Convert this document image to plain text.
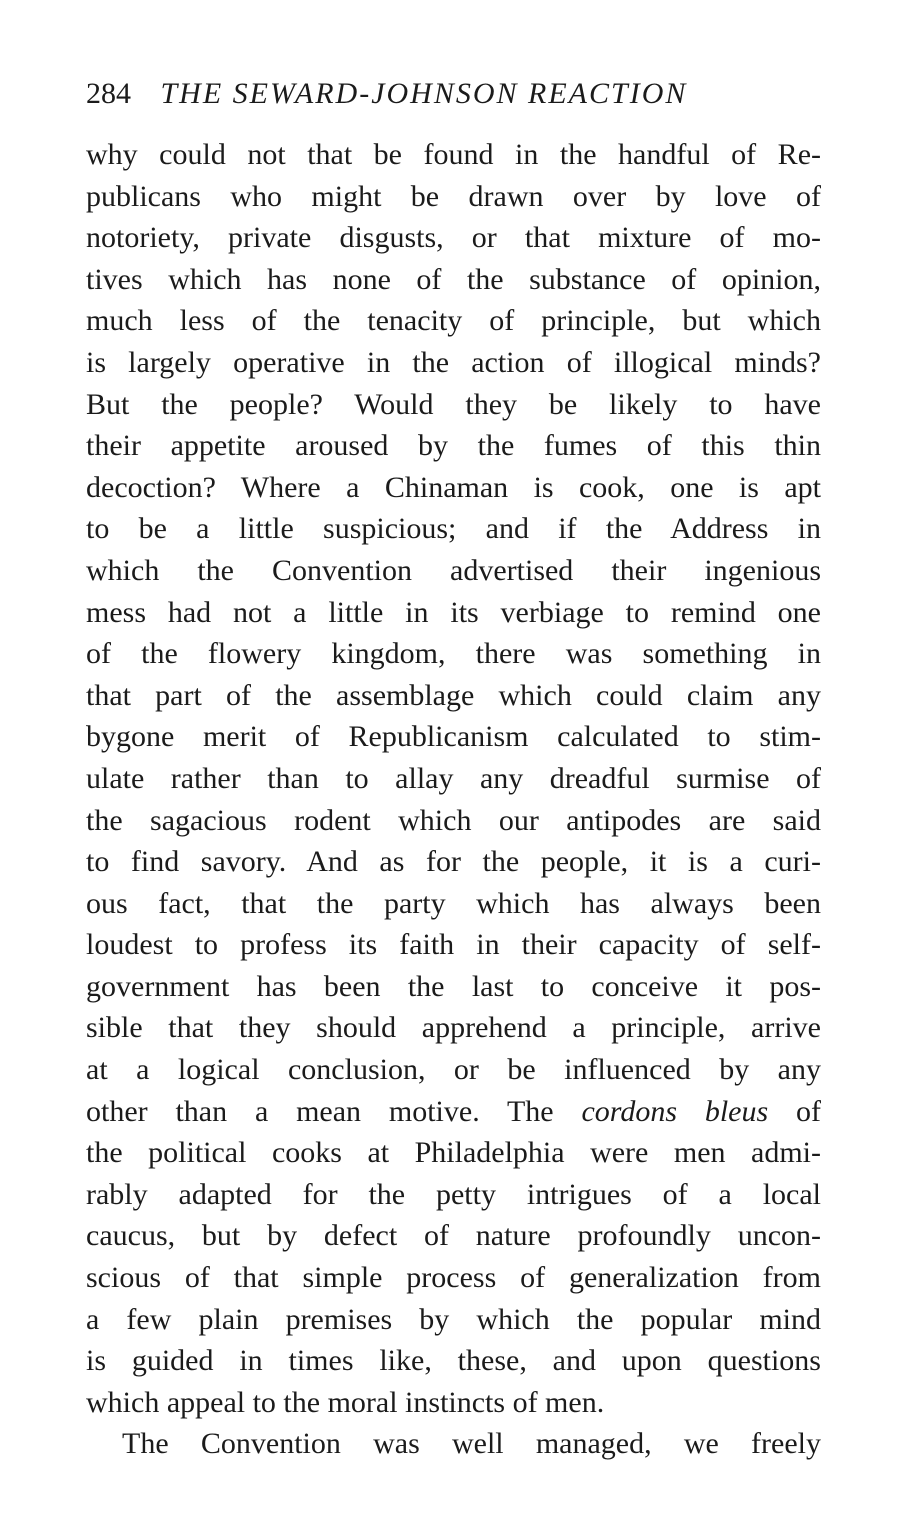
284 THE SEWARD-JOHNSON REACTION
why could not that be found in the handful of Re-
publicans who might be drawn over by love of
notoriety, private disgusts, or that mixture of mo-
tives which has none of the substance of opinion,
much less of the tenacity of principle, but which
is largely operative in the action of illogical minds?
But the people? Would they be likely to have
their appetite aroused by the fumes of this thin
decoction? Where a Chinaman is cook, one is apt
to be a little suspicious; and if the Address in
which the Convention advertised their ingenious
mess had not a little in its verbiage to remind one
of the flowery kingdom, there was something in
that part of the assemblage which could claim any
bygone merit of Republicanism calculated to stim-
ulate rather than to allay any dreadful surmise of
the sagacious rodent which our antipodes are said
to find savory. And as for the people, it is a curi-
ous fact, that the party which has always been
loudest to profess its faith in their capacity of self-
government has been the last to conceive it pos-
sible that they should apprehend a principle, arrive
at a logical conclusion, or be influenced by any
other than a mean motive. The cordons bleus of
the political cooks at Philadelphia were men admi-
rably adapted for the petty intrigues of a local
caucus, but by defect of nature profoundly uncon-
scious of that simple process of generalization from
a few plain premises by which the popular mind
is guided in times like, these, and upon questions
which appeal to the moral instincts of men.
The Convention was well managed, we freely
